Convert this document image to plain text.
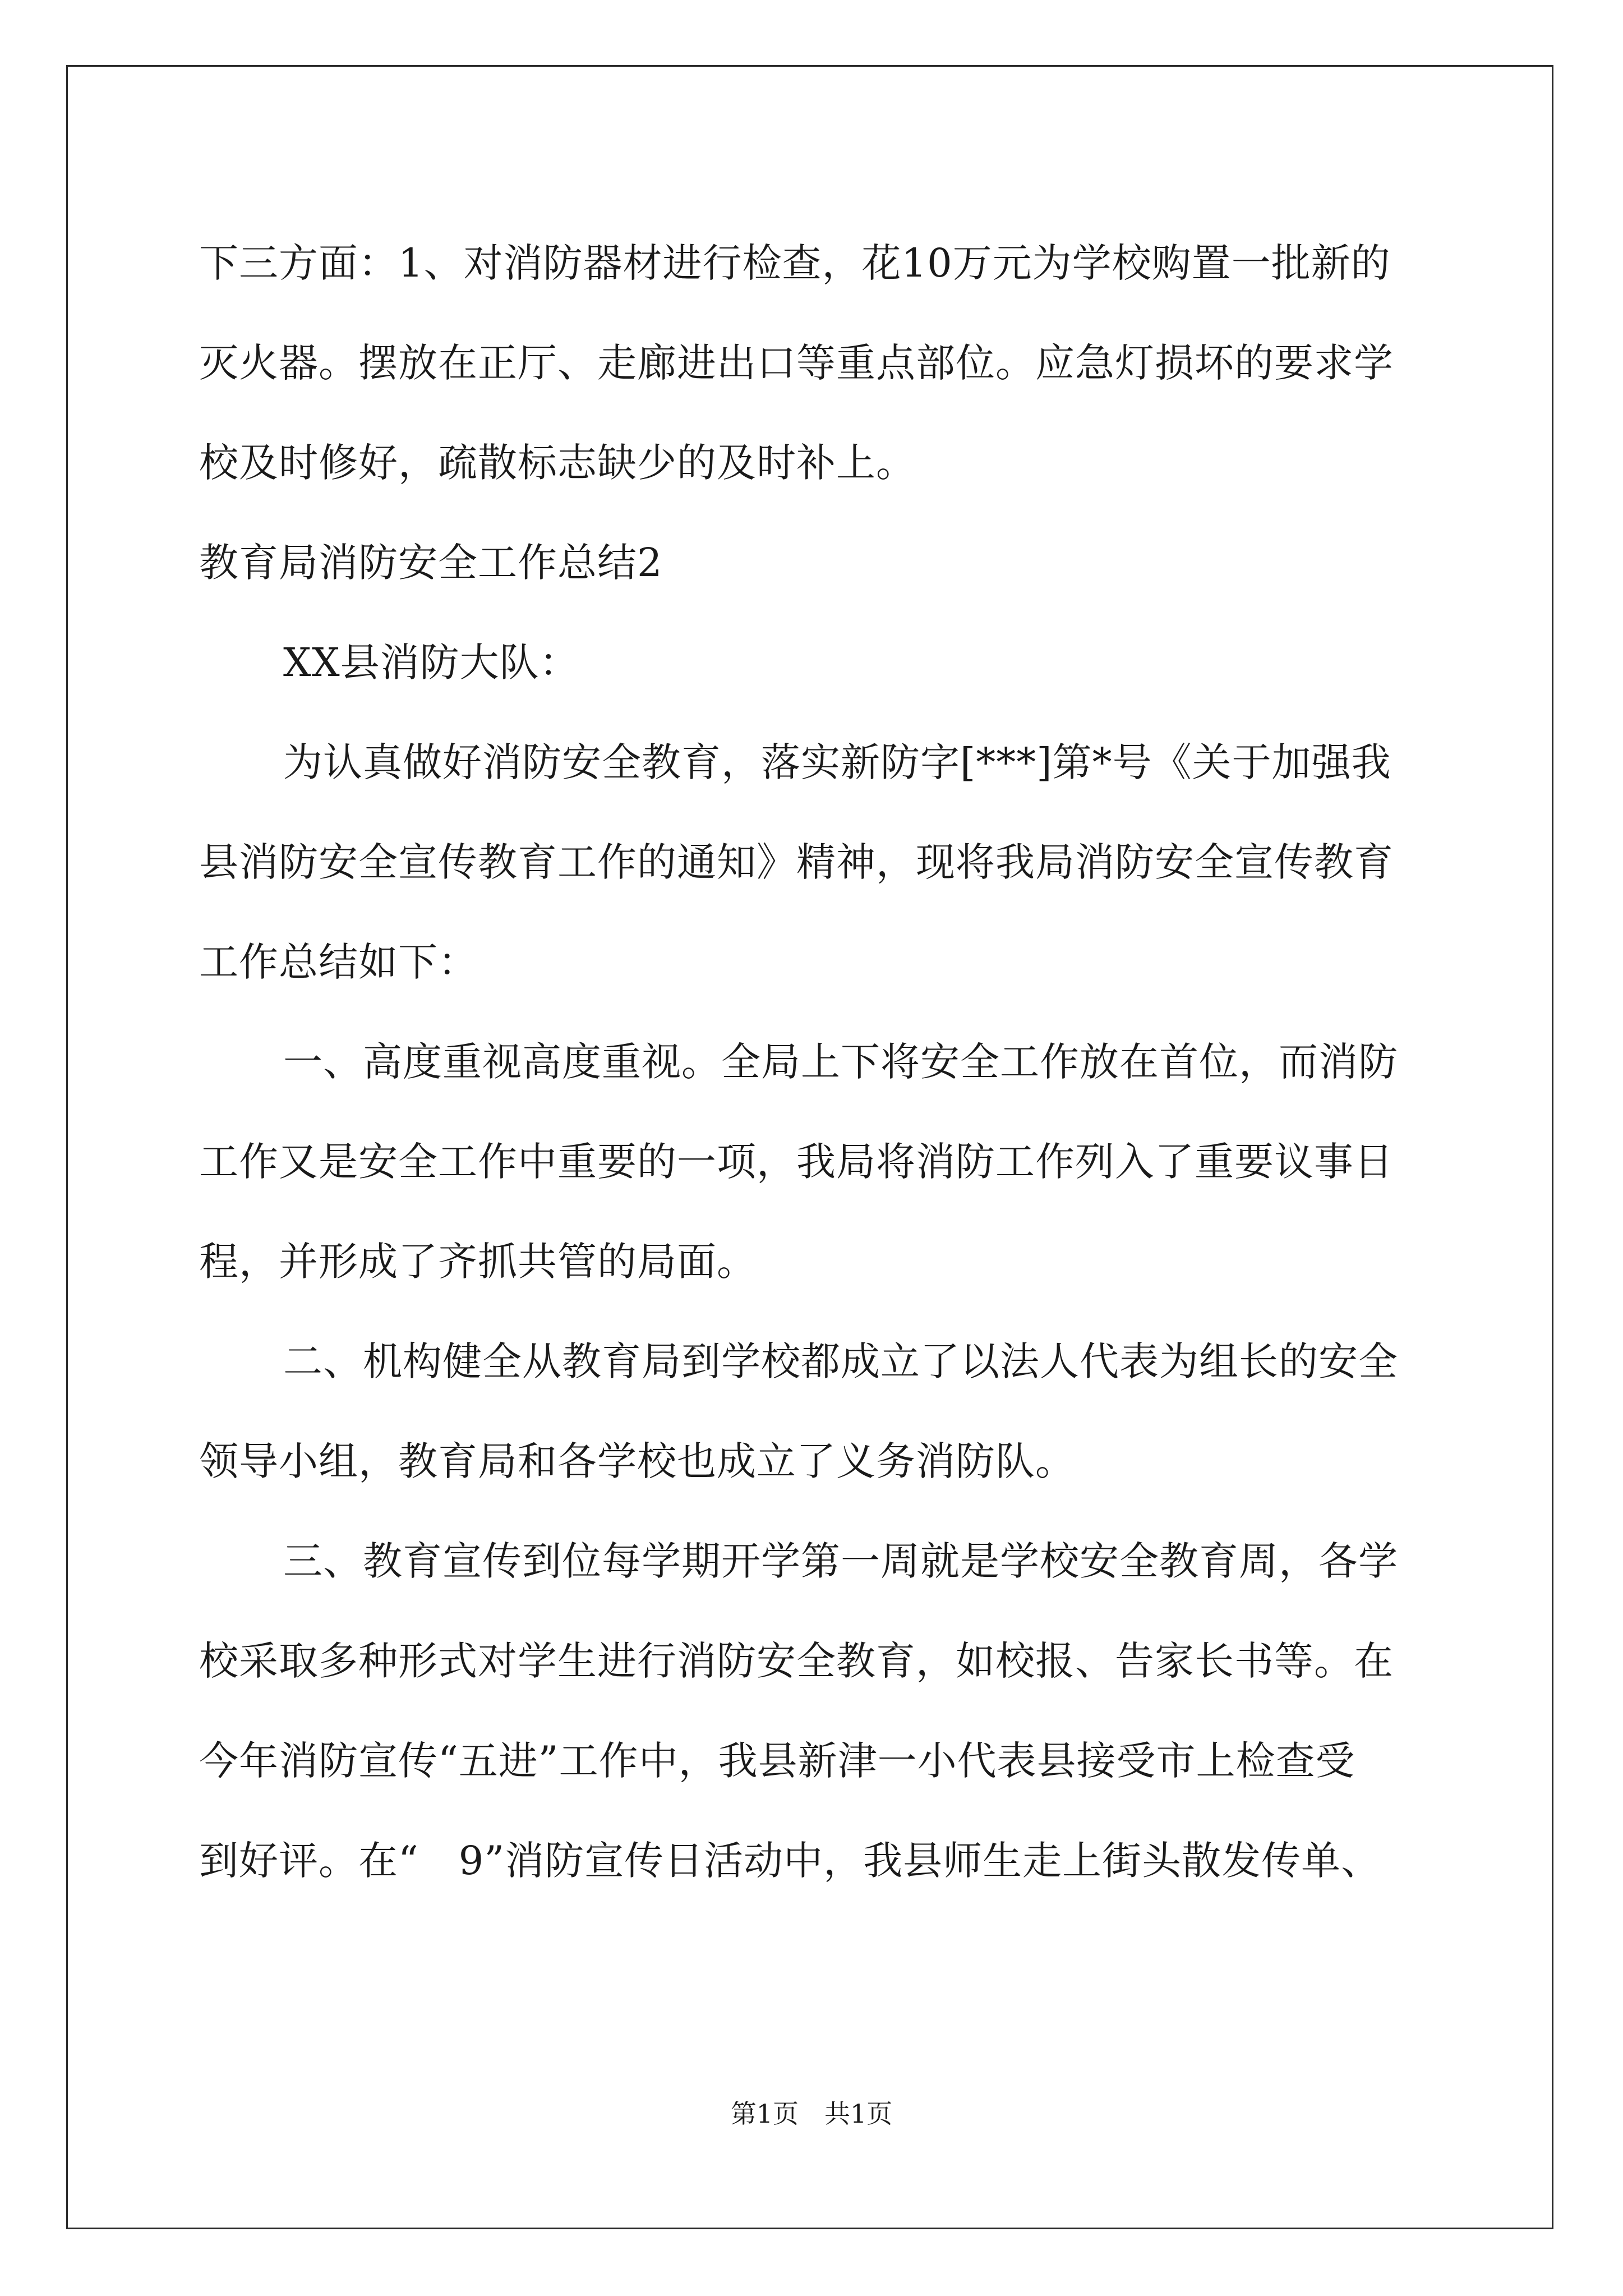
下三方面：1、对消防器材进行检查，花10万元为学校购置一批新的
灭火器。摆放在正厅、走廊进出口等重点部位。应急灯损坏的要求学
校及时修好，疏散标志缺少的及时补上。
教育局消防安全工作总结2
XX县消防大队：
为认真做好消防安全教育，落实新防字[***]第*号《关于加强我
县消防安全宣传教育工作的通知》精神，现将我局消防安全宣传教育
工作总结如下：
一、高度重视高度重视。全局上下将安全工作放在首位，而消防
工作又是安全工作中重要的一项，我局将消防工作列入了重要议事日
程，并形成了齐抓共管的局面。
二、机构健全从教育局到学校都成立了以法人代表为组长的安全
领导小组，教育局和各学校也成立了义务消防队。
三、教育宣传到位每学期开学第一周就是学校安全教育周，各学
校采取多种形式对学生进行消防安全教育，如校报、告家长书等。在
今年消防宣传“五进”工作中，我县新津一小代表县接受市上检查受
到好评。在“　9”消防宣传日活动中，我县师生走上街头散发传单、
第1页　共1页
